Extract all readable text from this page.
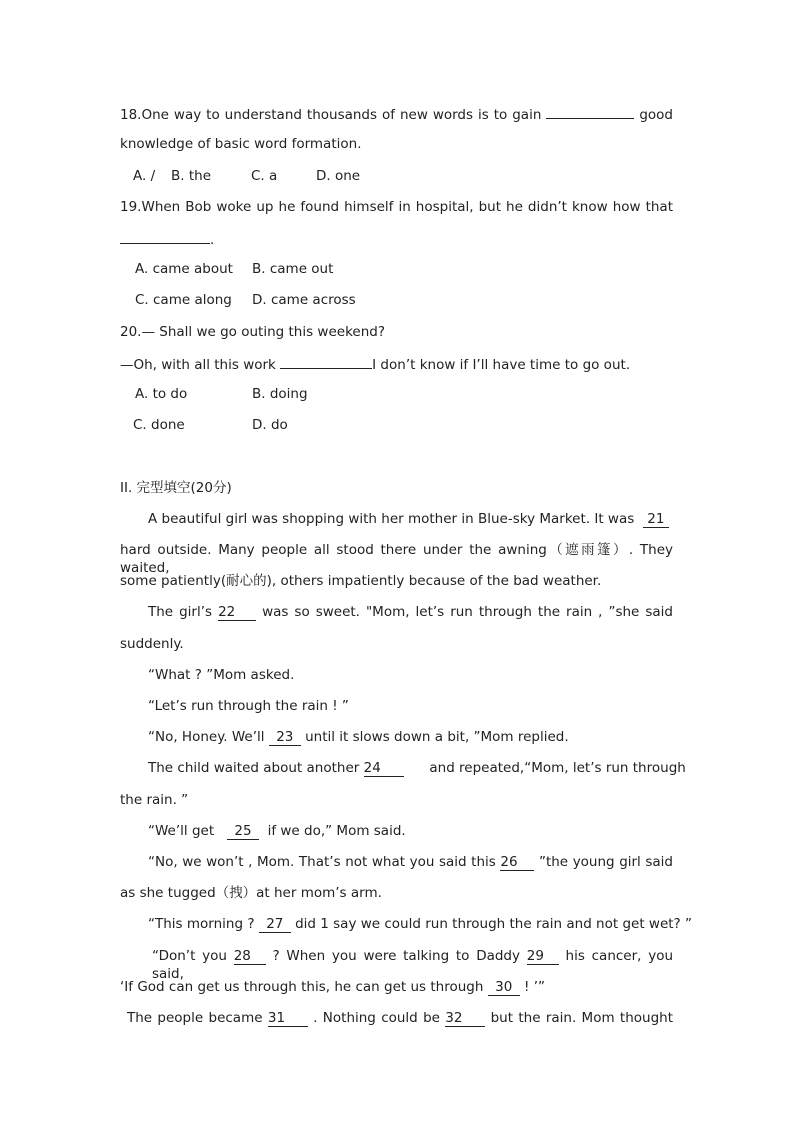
18.One way to understand thousands of new words is to gain	good
knowledge of basic word formation.
A. / B. the	C. a	D. one
19.When Bob woke up he found himself in hospital, but he didn’t know how that
.
A. came about B. came out
C. came along D. came across
20.— Shall we go outing this weekend?
—Oh, with all this work	I don’t know if I’ll have time to go out.
A. to do	B. doing
C. done	D. do
II. 完型填空(20分)
A beautiful girl was shopping with her mother in Blue-sky Market. It was 21
hard outside. Many people all stood there under the awning（遮雨篷）. They waited,
some patiently(耐心的), others impatiently because of the bad weather.
The girl’s 22 was so sweet. "Mom, let’s run through the rain , ”she said
suddenly.
“What ? ”Mom asked.
“Let’s run through the rain ! ”
“No, Honey. We’ll 23 until it slows down a bit, ”Mom replied.
The child waited about another 24	and repeated,“Mom, let’s run through
the rain. ”
“We’ll get 25 if we do,” Mom said.
“No, we won’t , Mom. That’s not what you said this 26 ”the young girl said
as she tugged（拽）at her mom’s arm.
“This morning ? 27 did 1 say we could run through the rain and not get wet? ”
“Don’t you 28 ? When you were talking to Daddy 29 his cancer, you said,
‘If God can get us through this, he can get us through 30 ! ’”
The people became 31 . Nothing could be 32 but the rain. Mom thought
